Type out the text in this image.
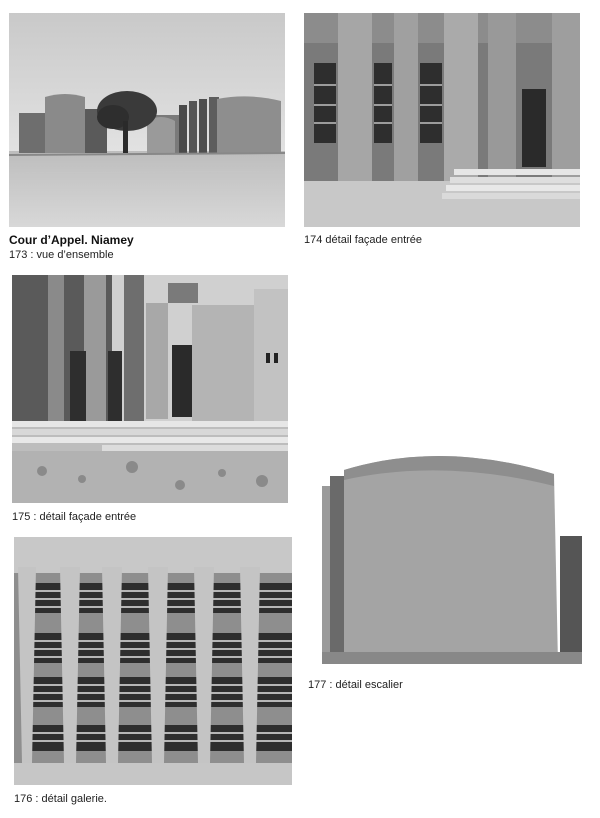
Cour d’Appel. Niamey
173 : vue d’ensemble
174 détail façade entrée
175 : détail façade entrée
177 : détail escalier
176 : détail galerie.
